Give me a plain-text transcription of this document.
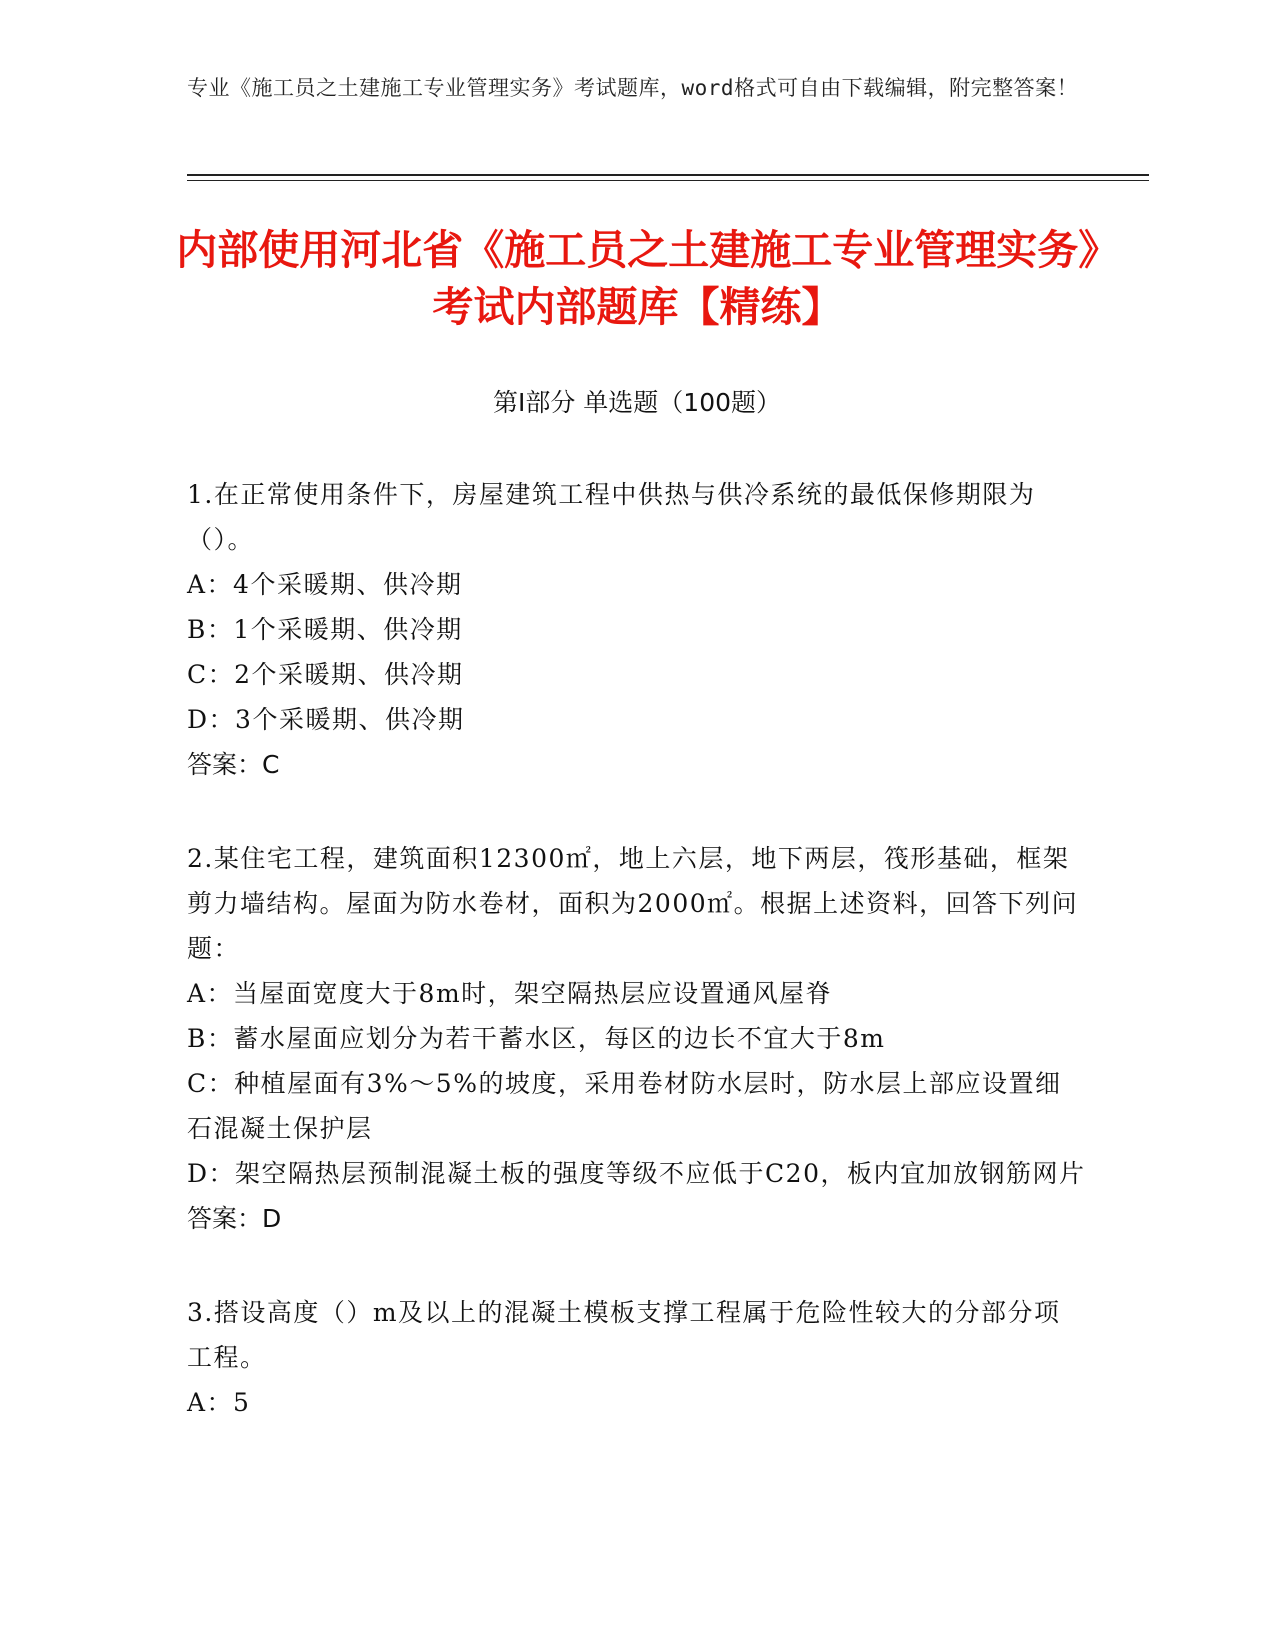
专业《施工员之土建施工专业管理实务》考试题库，word格式可自由下载编辑，附完整答案！
内部使用河北省《施工员之土建施工专业管理实务》考试内部题库【精练】
第Ⅰ部分 单选题（100题）

1.在正常使用条件下，房屋建筑工程中供热与供冷系统的最低保修期限为（）。

A：4个采暖期、供冷期

B：1个采暖期、供冷期

C：2个采暖期、供冷期

D：3个采暖期、供冷期

答案：C

2.某住宅工程，建筑面积12300㎡，地上六层，地下两层，筏形基础，框架剪力墙结构。屋面为防水卷材，面积为2000㎡。根据上述资料，回答下列问题：

A：当屋面宽度大于8m时，架空隔热层应设置通风屋脊

B：蓄水屋面应划分为若干蓄水区，每区的边长不宜大于8m

C：种植屋面有3%～5%的坡度，采用卷材防水层时，防水层上部应设置细石混凝土保护层

D：架空隔热层预制混凝土板的强度等级不应低于C20，板内宜加放钢筋网片

答案：D

3.搭设高度（）m及以上的混凝土模板支撑工程属于危险性较大的分部分项工程。

A：5
